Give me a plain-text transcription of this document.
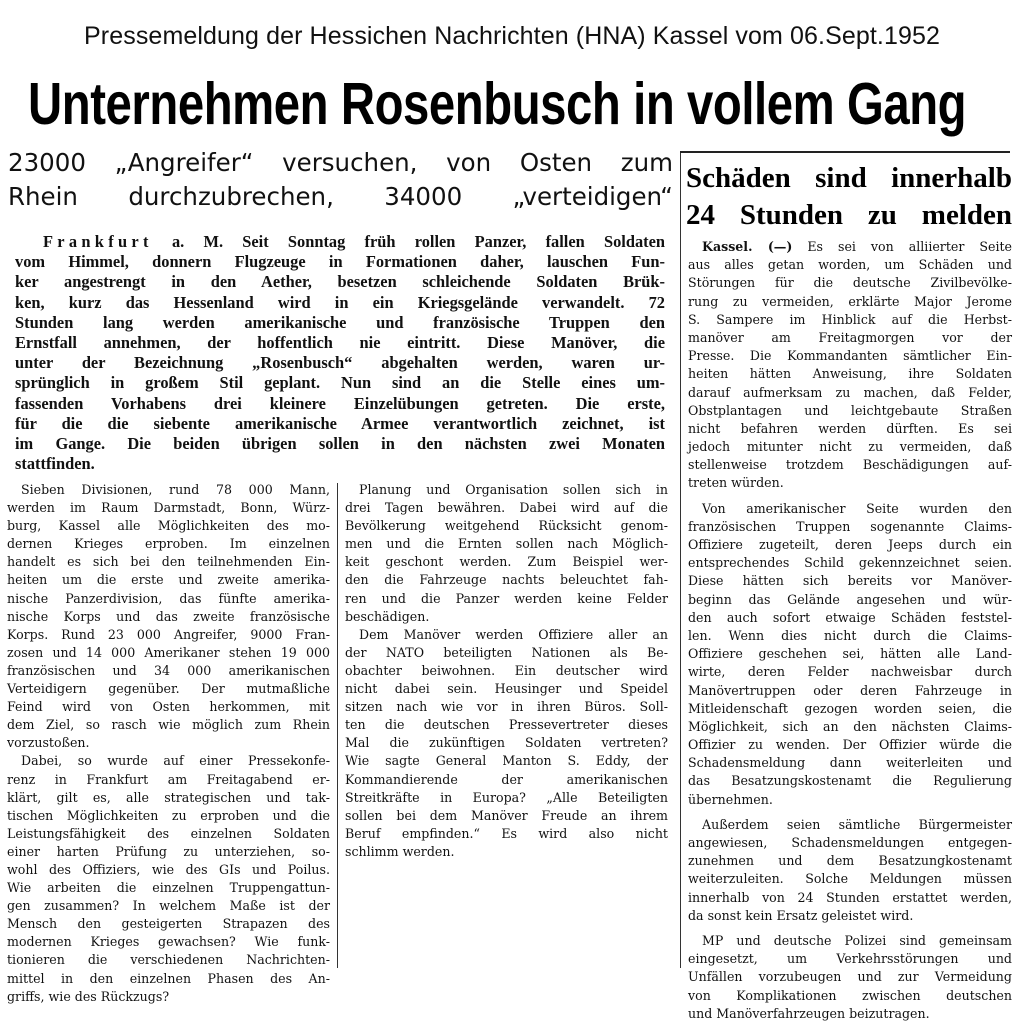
Pressemeldung der Hessichen Nachrichten (HNA) Kassel vom 06.Sept.1952
Unternehmen Rosenbusch in vollem Gang
23000 „Angreifer“ versuchen, von Osten zum
Rhein durchzubrechen, 34000 „verteidigen“
Schäden sind innerhalb
24 Stunden zu melden
Frankfurt a. M. Seit Sonntag früh rollen Panzer, fallen Soldaten
vom Himmel, donnern Flugzeuge in Formationen daher, lauschen Fun-
ker angestrengt in den Aether, besetzen schleichende Soldaten Brük-
ken, kurz das Hessenland wird in ein Kriegsgelände verwandelt. 72
Stunden lang werden amerikanische und französische Truppen den
Ernstfall annehmen, der hoffentlich nie eintritt. Diese Manöver, die
unter der Bezeichnung „Rosenbusch“ abgehalten werden, waren ur-
sprünglich in großem Stil geplant. Nun sind an die Stelle eines um-
fassenden Vorhabens drei kleinere Einzelübungen getreten. Die erste,
für die die siebente amerikanische Armee verantwortlich zeichnet, ist
im Gange. Die beiden übrigen sollen in den nächsten zwei Monaten
stattfinden.
Sieben Divisionen, rund 78 000 Mann,
werden im Raum Darmstadt, Bonn, Würz-
burg, Kassel alle Möglichkeiten des mo-
dernen Krieges erproben. Im einzelnen
handelt es sich bei den teilnehmenden Ein-
heiten um die erste und zweite amerika-
nische Panzerdivision, das fünfte amerika-
nische Korps und das zweite französische
Korps. Rund 23 000 Angreifer, 9000 Fran-
zosen und 14 000 Amerikaner stehen 19 000
französischen und 34 000 amerikanischen
Verteidigern gegenüber. Der mutmaßliche
Feind wird von Osten herkommen, mit
dem Ziel, so rasch wie möglich zum Rhein
vorzustoßen.
Dabei, so wurde auf einer Pressekonfe-
renz in Frankfurt am Freitagabend er-
klärt, gilt es, alle strategischen und tak-
tischen Möglichkeiten zu erproben und die
Leistungsfähigkeit des einzelnen Soldaten
einer harten Prüfung zu unterziehen, so-
wohl des Offiziers, wie des GIs und Poilus.
Wie arbeiten die einzelnen Truppengattun-
gen zusammen? In welchem Maße ist der
Mensch den gesteigerten Strapazen des
modernen Krieges gewachsen? Wie funk-
tionieren die verschiedenen Nachrichten-
mittel in den einzelnen Phasen des An-
griffs, wie des Rückzugs?
Planung und Organisation sollen sich in
drei Tagen bewähren. Dabei wird auf die
Bevölkerung weitgehend Rücksicht genom-
men und die Ernten sollen nach Möglich-
keit geschont werden. Zum Beispiel wer-
den die Fahrzeuge nachts beleuchtet fah-
ren und die Panzer werden keine Felder
beschädigen.
Dem Manöver werden Offiziere aller an
der NATO beteiligten Nationen als Be-
obachter beiwohnen. Ein deutscher wird
nicht dabei sein. Heusinger und Speidel
sitzen nach wie vor in ihren Büros. Soll-
ten die deutschen Pressevertreter dieses
Mal die zukünftigen Soldaten vertreten?
Wie sagte General Manton S. Eddy, der
Kommandierende der amerikanischen
Streitkräfte in Europa? „Alle Beteiligten
sollen bei dem Manöver Freude an ihrem
Beruf empfinden.“ Es wird also nicht
schlimm werden.
Kassel. (—) Es sei von alliierter Seite
aus alles getan worden, um Schäden und
Störungen für die deutsche Zivilbevölke-
rung zu vermeiden, erklärte Major Jerome
S. Sampere im Hinblick auf die Herbst-
manöver am Freitagmorgen vor der
Presse. Die Kommandanten sämtlicher Ein-
heiten hätten Anweisung, ihre Soldaten
darauf aufmerksam zu machen, daß Felder,
Obstplantagen und leichtgebaute Straßen
nicht befahren werden dürften. Es sei
jedoch mitunter nicht zu vermeiden, daß
stellenweise trotzdem Beschädigungen auf-
treten würden.
Von amerikanischer Seite wurden den
französischen Truppen sogenannte Claims-
Offiziere zugeteilt, deren Jeeps durch ein
entsprechendes Schild gekennzeichnet seien.
Diese hätten sich bereits vor Manöver-
beginn das Gelände angesehen und wür-
den auch sofort etwaige Schäden feststel-
len. Wenn dies nicht durch die Claims-
Offiziere geschehen sei, hätten alle Land-
wirte, deren Felder nachweisbar durch
Manövertruppen oder deren Fahrzeuge in
Mitleidenschaft gezogen worden seien, die
Möglichkeit, sich an den nächsten Claims-
Offizier zu wenden. Der Offizier würde die
Schadensmeldung dann weiterleiten und
das Besatzungskostenamt die Regulierung
übernehmen.
Außerdem seien sämtliche Bürgermeister
angewiesen, Schadensmeldungen entgegen-
zunehmen und dem Besatzungkostenamt
weiterzuleiten. Solche Meldungen müssen
innerhalb von 24 Stunden erstattet werden,
da sonst kein Ersatz geleistet wird.
MP und deutsche Polizei sind gemeinsam
eingesetzt, um Verkehrsstörungen und
Unfällen vorzubeugen und zur Vermeidung
von Komplikationen zwischen deutschen
und Manöverfahrzeugen beizutragen.
